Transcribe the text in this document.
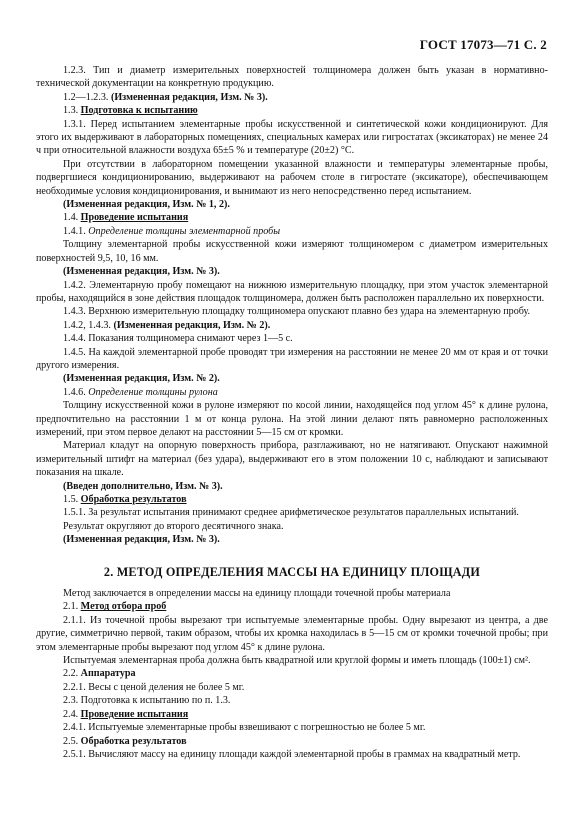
ГОСТ 17073—71 С. 2

1.2.3. Тип и диаметр измерительных поверхностей толщиномера должен быть указан в нормативно-технической документации на конкретную продукцию.

1.2—1.2.3. (Измененная редакция, Изм. № 3).

1.3. Подготовка к испытанию

1.3.1. Перед испытанием элементарные пробы искусственной и синтетической кожи кондиционируют. Для этого их выдерживают в лабораторных помещениях, специальных камерах или гигростатах (эксикаторах) не менее 24 ч при относительной влажности воздуха 65±5 % и температуре (20±2) °С.

При отсутствии в лабораторном помещении указанной влажности и температуры элементарные пробы, подвергшиеся кондиционированию, выдерживают на рабочем столе в гигростате (эксикаторе), обеспечивающем необходимые условия кондиционирования, и вынимают из него непосредственно перед испытанием.

(Измененная редакция, Изм. № 1, 2).

1.4. Проведение испытания

1.4.1. Определение толщины элементарной пробы

Толщину элементарной пробы искусственной кожи измеряют толщиномером с диаметром измерительных поверхностей 9,5, 10, 16 мм.

(Измененная редакция, Изм. № 3).

1.4.2. Элементарную пробу помещают на нижнюю измерительную площадку, при этом участок элементарной пробы, находящийся в зоне действия площадок толщиномера, должен быть расположен параллельно их поверхности.

1.4.3. Верхнюю измерительную площадку толщиномера опускают плавно без удара на элементарную пробу.

1.4.2, 1.4.3. (Измененная редакция, Изм. № 2).

1.4.4. Показания толщиномера снимают через 1—5 с.

1.4.5. На каждой элементарной пробе проводят три измерения на расстоянии не менее 20 мм от края и от точки другого измерения.

(Измененная редакция, Изм. № 2).

1.4.6. Определение толщины рулона

Толщину искусственной кожи в рулоне измеряют по косой линии, находящейся под углом 45° к длине рулона, предпочтительно на расстоянии 1 м от конца рулона. На этой линии делают пять равномерно расположенных измерений, при этом первое делают на расстоянии 5—15 см от кромки.

Материал кладут на опорную поверхность прибора, разглаживают, но не натягивают. Опускают нажимной измерительный штифт на материал (без удара), выдерживают его в этом положении 10 с, наблюдают и записывают показания на шкале.

(Введен дополнительно, Изм. № 3).

1.5. Обработка результатов

1.5.1. За результат испытания принимают среднее арифметическое результатов параллельных испытаний.

Результат округляют до второго десятичного знака.

(Измененная редакция, Изм. № 3).

2. МЕТОД ОПРЕДЕЛЕНИЯ МАССЫ НА ЕДИНИЦУ ПЛОЩАДИ

Метод заключается в определении массы на единицу площади точечной пробы материала

2.1. Метод отбора проб

2.1.1. Из точечной пробы вырезают три испытуемые элементарные пробы. Одну вырезают из центра, а две другие, симметрично первой, таким образом, чтобы их кромка находилась в 5—15 см от кромки точечной пробы; при этом элементарные пробы вырезают под углом 45° к длине рулона.

Испытуемая элементарная проба должна быть квадратной или круглой формы и иметь площадь (100±1) см².

2.2. Аппаратура

2.2.1. Весы с ценой деления не более 5 мг.

2.3. Подготовка к испытанию по п. 1.3.

2.4. Проведение испытания

2.4.1. Испытуемые элементарные пробы взвешивают с погрешностью не более 5 мг.

2.5. Обработка результатов

2.5.1. Вычисляют массу на единицу площади каждой элементарной пробы в граммах на квадратный метр.
